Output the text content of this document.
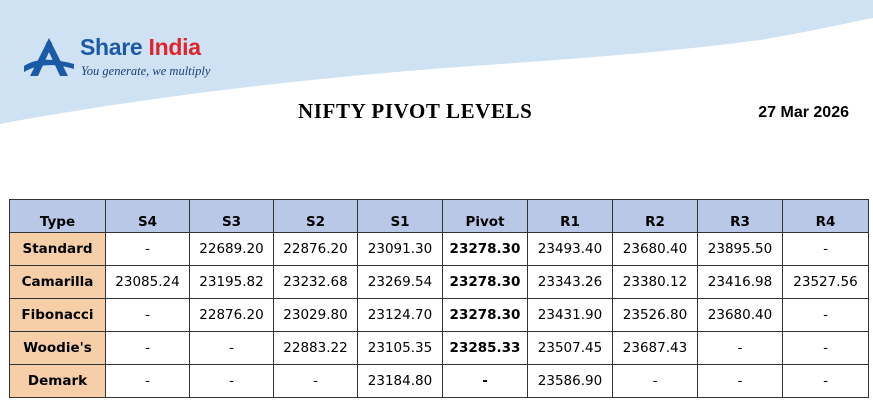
Share India
You generate, we multiply
NIFTY PIVOT LEVELS	27 Mar 2026
Type	S4	S3	S2	S1	Pivot	R1	R2	R3	R4
Standard	-	22689.20	22876.20	23091.30	23278.30	23493.40	23680.40	23895.50	-
Camarilla	23085.24	23195.82	23232.68	23269.54	23278.30	23343.26	23380.12	23416.98	23527.56
Fibonacci	-	22876.20	23029.80	23124.70	23278.30	23431.90	23526.80	23680.40	-
Woodie's	-	-	22883.22	23105.35	23285.33	23507.45	23687.43	-	-
Demark	-	-	-	23184.80	-	23586.90	-	-	-
